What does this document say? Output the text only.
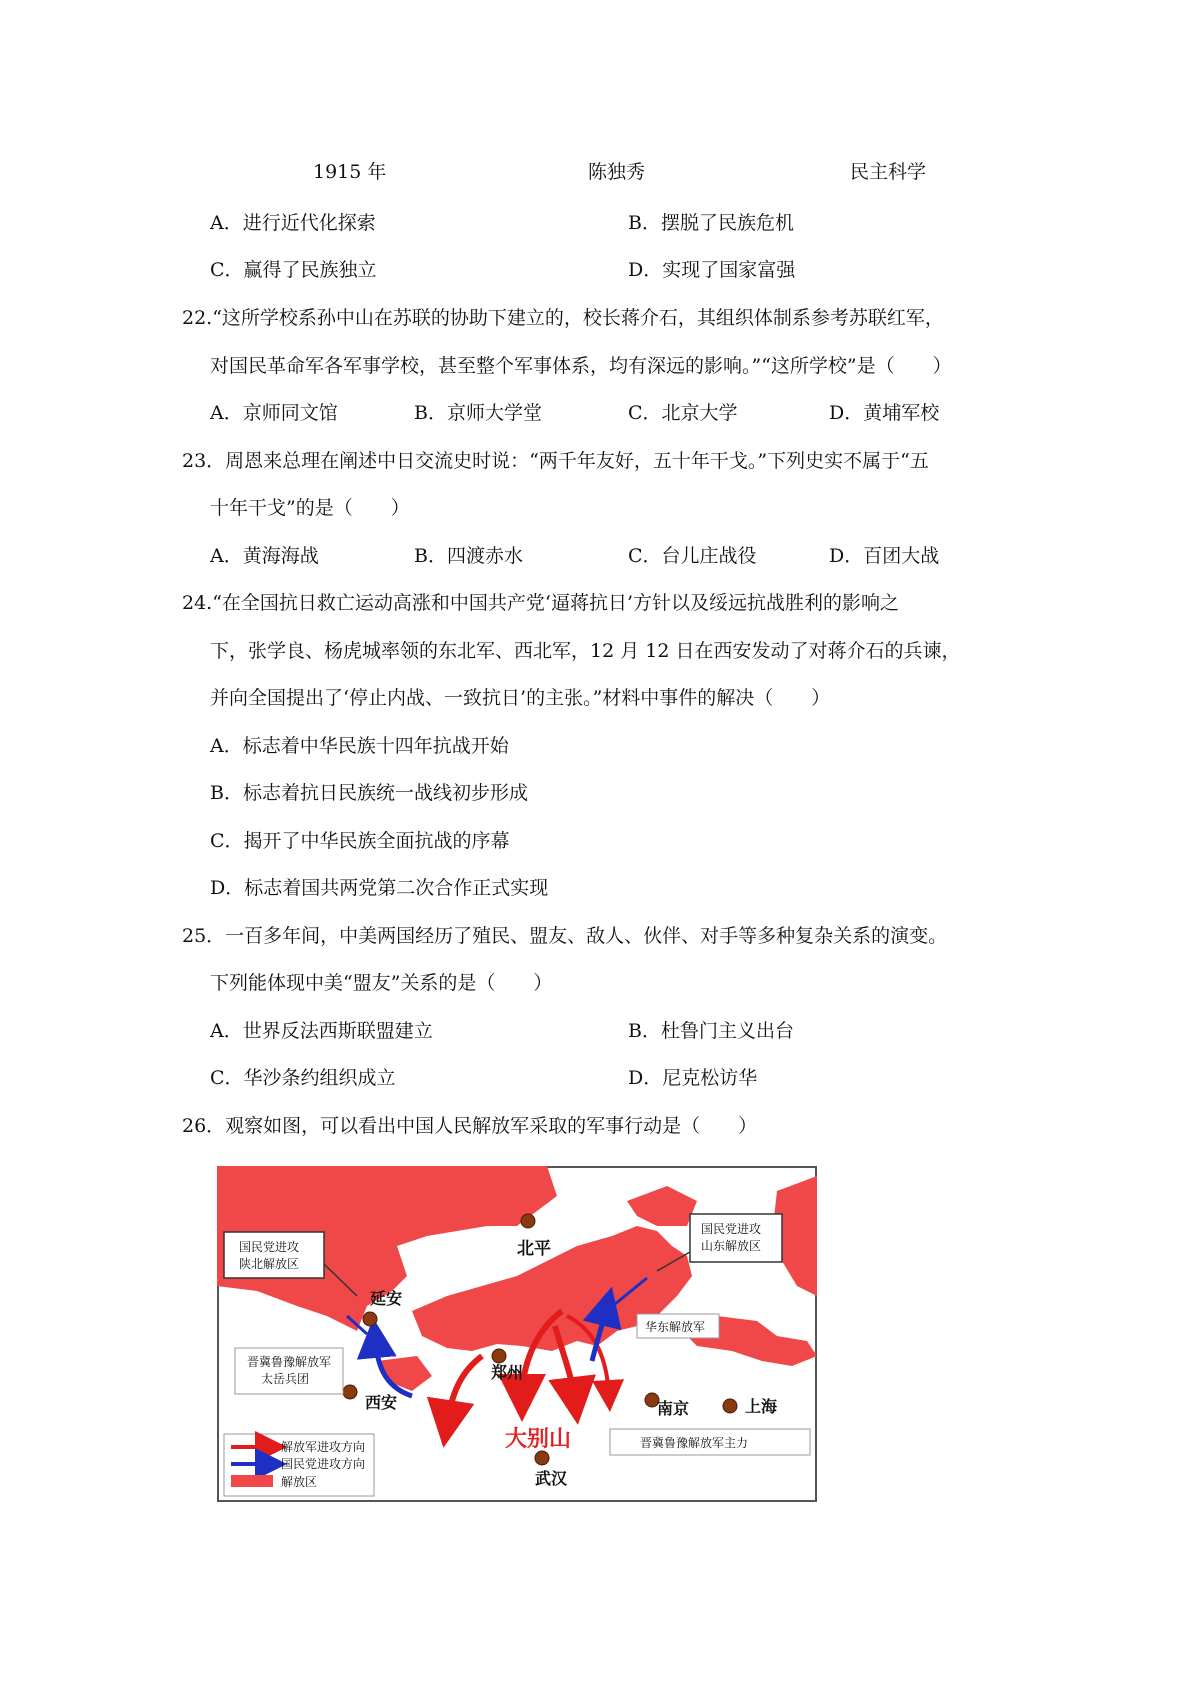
1915 年	陈独秀	民主科学
A．进行近代化探索	B．摆脱了民族危机
C．赢得了民族独立	D．实现了国家富强
22.“这所学校系孙中山在苏联的协助下建立的，校长蒋介石，其组织体制系参考苏联红军，
对国民革命军各军事学校，甚至整个军事体系，均有深远的影响。”“这所学校”是（　　）
A．京师同文馆	B．京师大学堂	C．北京大学	D．黄埔军校
23．周恩来总理在阐述中日交流史时说：“两千年友好，五十年干戈。”下列史实不属于“五
十年干戈”的是（　　）
A．黄海海战	B．四渡赤水	C．台儿庄战役	D．百团大战
24.“在全国抗日救亡运动高涨和中国共产党‘逼蒋抗日’方针以及绥远抗战胜利的影响之
下，张学良、杨虎城率领的东北军、西北军，12 月 12 日在西安发动了对蒋介石的兵谏，
并向全国提出了‘停止内战、一致抗日’的主张。”材料中事件的解决（　　）
A．标志着中华民族十四年抗战开始
B．标志着抗日民族统一战线初步形成
C．揭开了中华民族全面抗战的序幕
D．标志着国共两党第二次合作正式实现
25．一百多年间，中美两国经历了殖民、盟友、敌人、伙伴、对手等多种复杂关系的演变。
下列能体现中美“盟友”关系的是（　　）
A．世界反法西斯联盟建立	B．杜鲁门主义出台
C．华沙条约组织成立	D．尼克松访华
26．观察如图，可以看出中国人民解放军采取的军事行动是（　　）
北平
延安
西安
郑州
南京	上海
武汉
大别山
国民党进攻
陕北解放区
国民党进攻
山东解放区
华东解放军
晋冀鲁豫解放军
太岳兵团
晋冀鲁豫解放军主力
解放军进攻方向
国民党进攻方向
解放区
